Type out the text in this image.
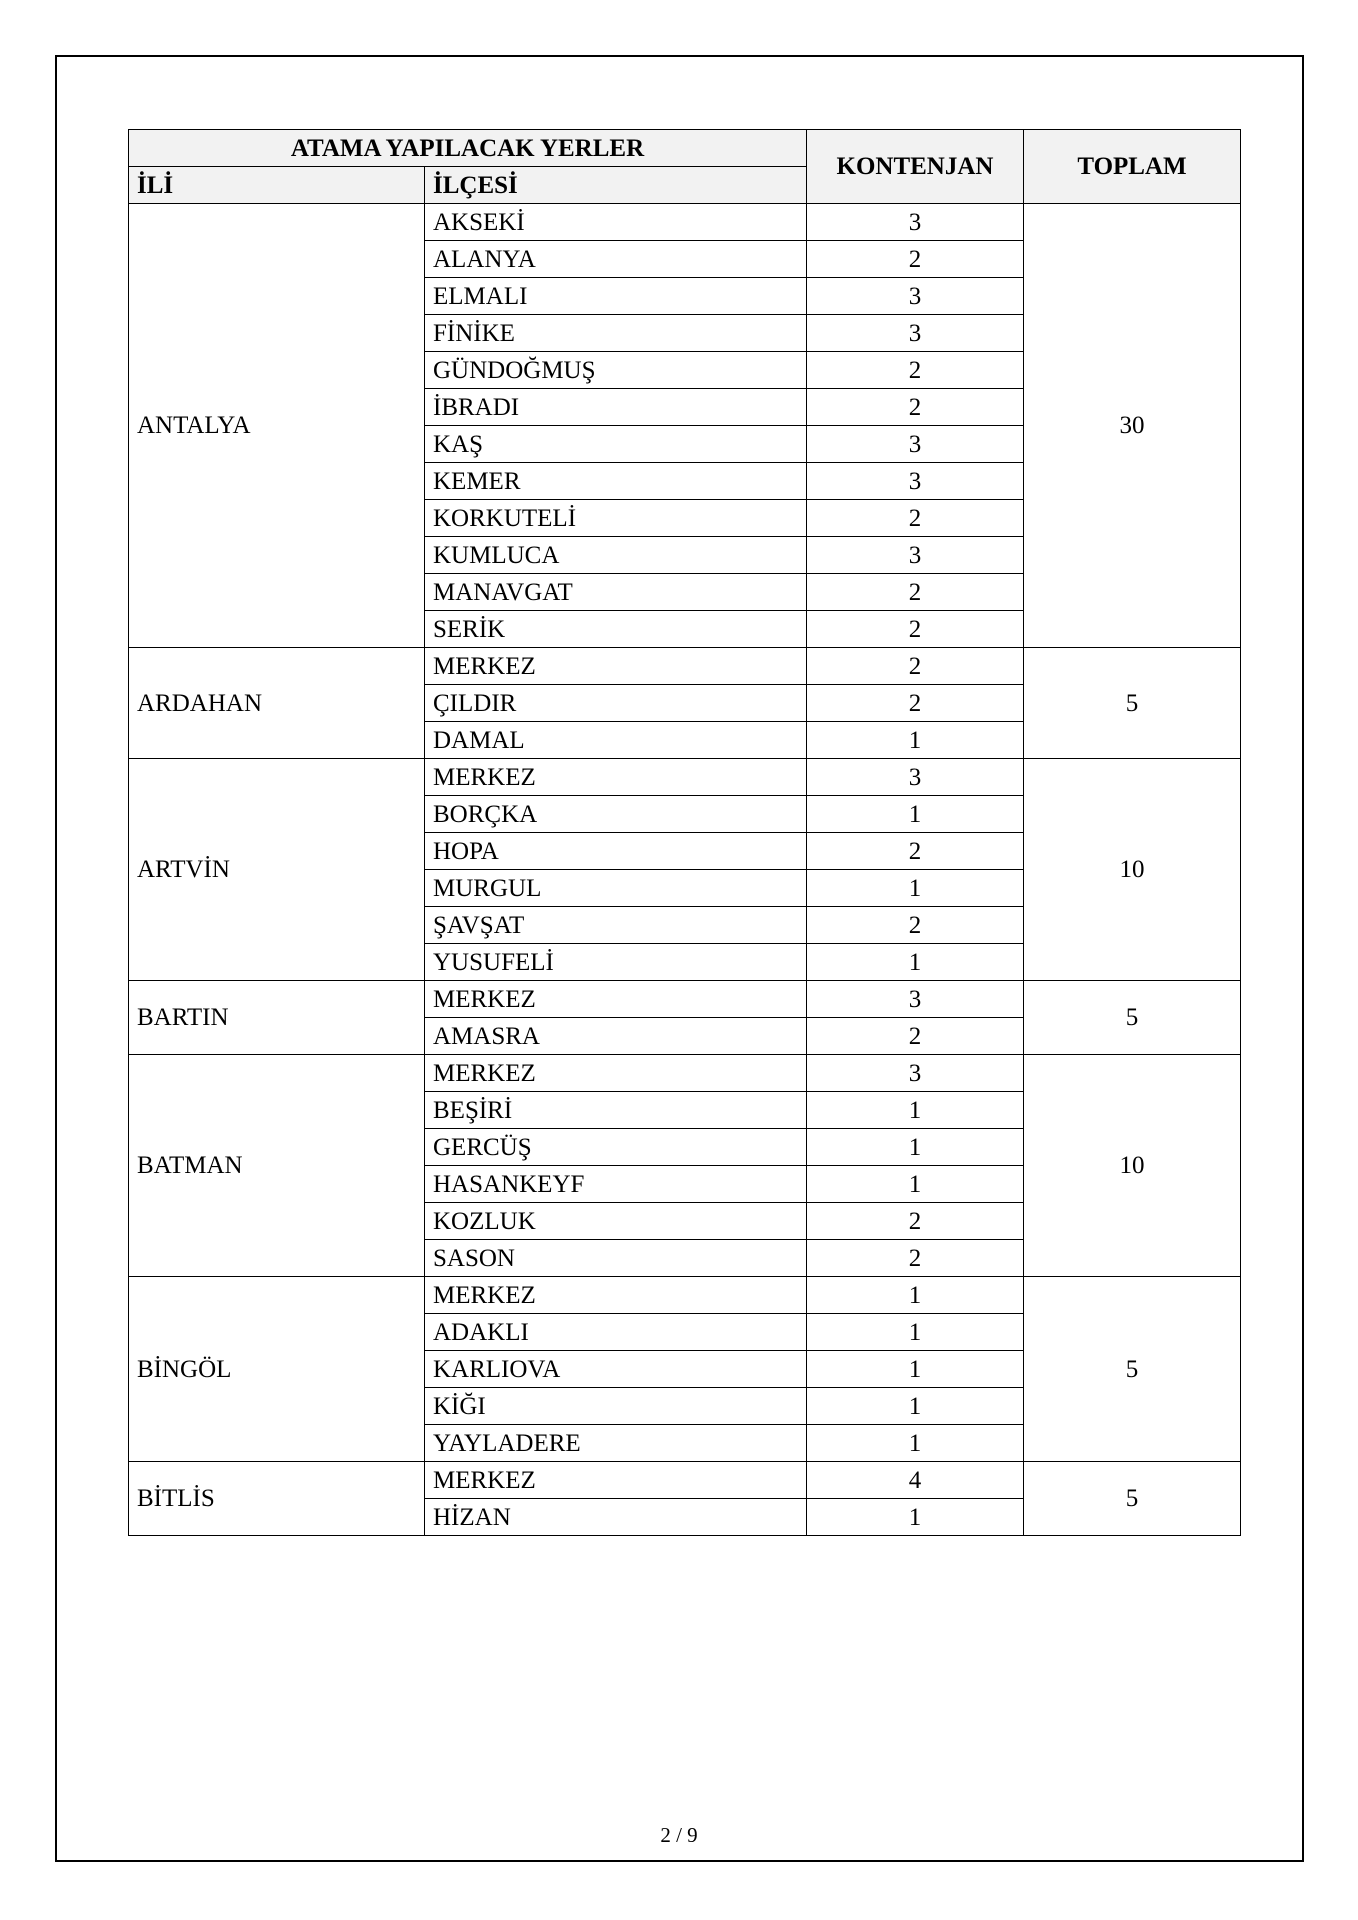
ATAMA YAPILACAK YERLER		KONTENJAN	TOPLAM
İLİ	İLÇESİ		
ANTALYA	AKSEKİ	3	30
	ALANYA	2	
	ELMALI	3	
	FİNİKE	3	
	GÜNDOĞMUŞ	2	
	İBRADI	2	
	KAŞ	3	
	KEMER	3	
	KORKUTELİ	2	
	KUMLUCA	3	
	MANAVGAT	2	
	SERİK	2	
ARDAHAN	MERKEZ	2	5
	ÇILDIR	2	
	DAMAL	1	
ARTVİN	MERKEZ	3	10
	BORÇKA	1	
	HOPA	2	
	MURGUL	1	
	ŞAVŞAT	2	
	YUSUFELİ	1	
BARTIN	MERKEZ	3	5
	AMASRA	2	
BATMAN	MERKEZ	3	10
	BEŞİRİ	1	
	GERCÜŞ	1	
	HASANKEYF	1	
	KOZLUK	2	
	SASON	2	
BİNGÖL	MERKEZ	1	5
	ADAKLI	1	
	KARLIOVA	1	
	KİĞI	1	
	YAYLADERE	1	
BİTLİS	MERKEZ	4	5
	HİZAN	1	
2 / 9
